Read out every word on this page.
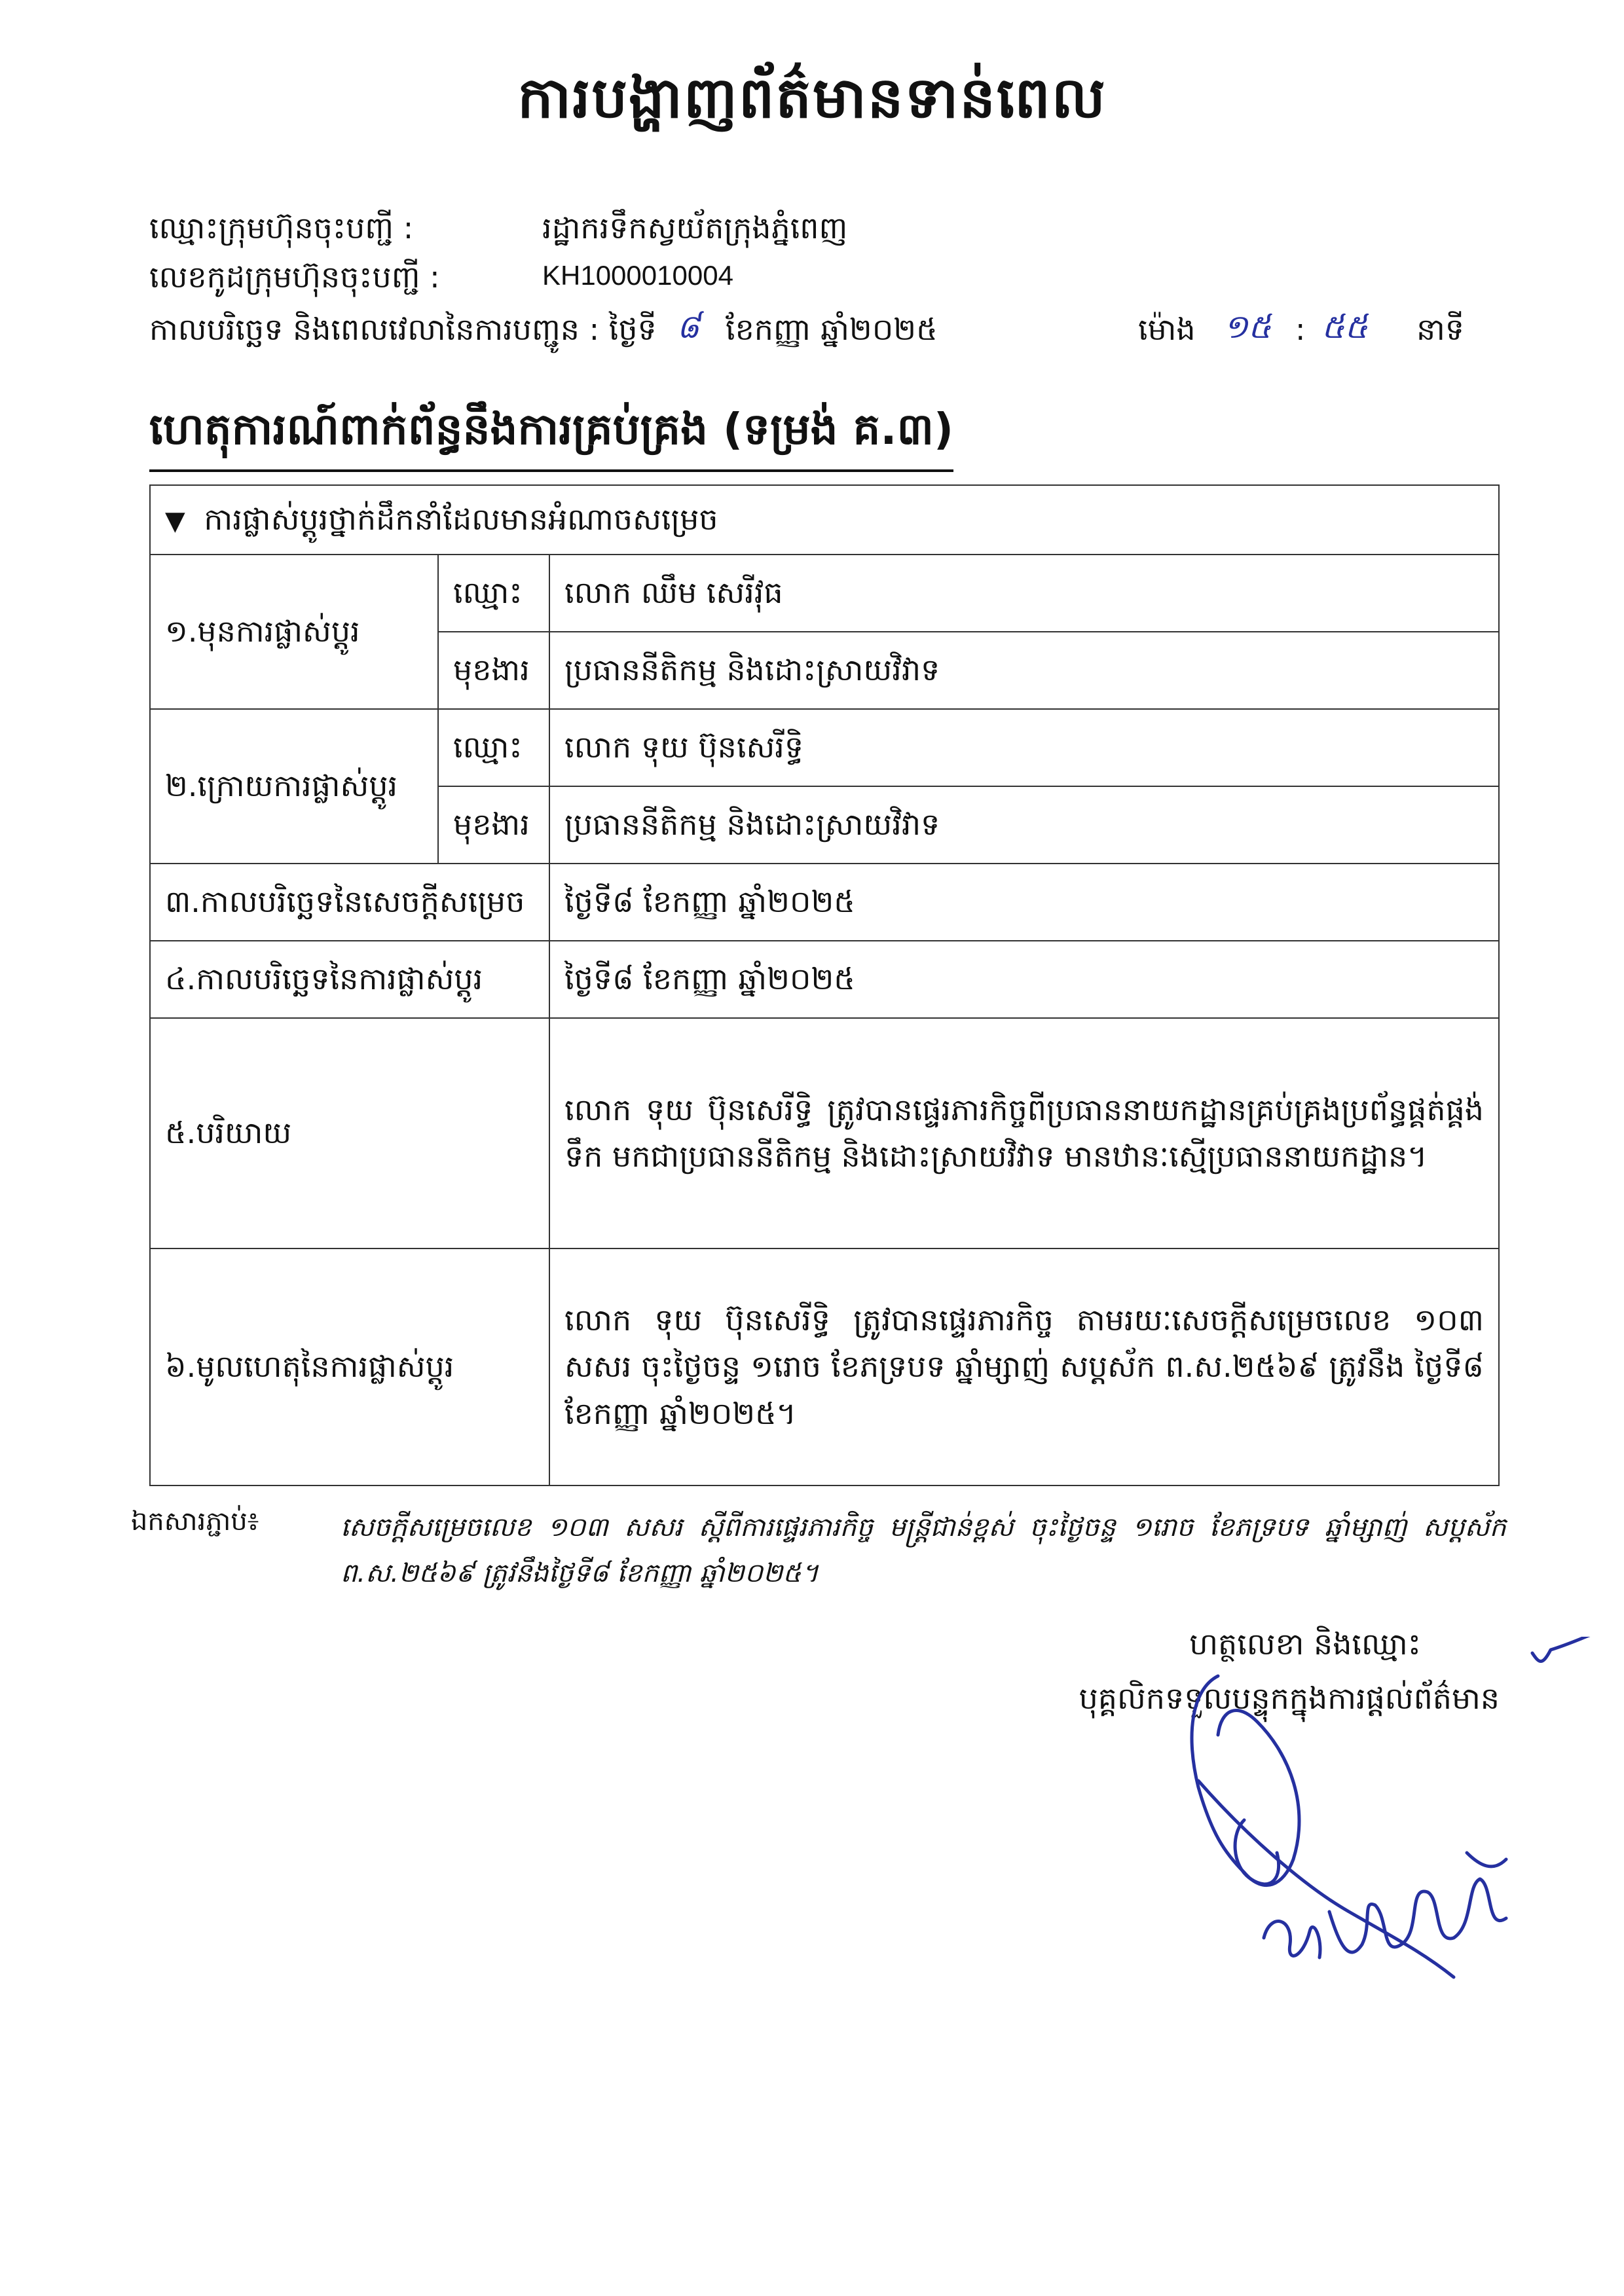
ការបង្ហាញព័ត៌មានទាន់ពេល
ឈ្មោះក្រុមហ៊ុនចុះបញ្ជី :	រដ្ឋាករទឹកស្វយ័តក្រុងភ្នំពេញ
លេខកូដក្រុមហ៊ុនចុះបញ្ជី :	KH1000010004
កាលបរិច្ឆេទ និងពេលវេលានៃការបញ្ជូន : ថ្ងៃទី ៨ ខែកញ្ញា ឆ្នាំ២០២៥	ម៉ោង ១៥ : ៥៥ នាទី
ហេតុការណ៍ពាក់ព័ន្ធនឹងការគ្រប់គ្រង (ទម្រង់ គ.៣)
▼ ការផ្លាស់ប្តូរថ្នាក់ដឹកនាំដែលមានអំណាចសម្រេច		
១.មុនការផ្លាស់ប្តូរ	ឈ្មោះ	លោក ឈឹម សេរីវុធ
	មុខងារ	ប្រធាននីតិកម្ម និងដោះស្រាយវិវាទ
២.ក្រោយការផ្លាស់ប្តូរ	ឈ្មោះ	លោក ទុយ ប៊ុនសេរីទ្ធិ
	មុខងារ	ប្រធាននីតិកម្ម និងដោះស្រាយវិវាទ
៣.កាលបរិច្ឆេទនៃសេចក្តីសម្រេច		ថ្ងៃទី៨ ខែកញ្ញា ឆ្នាំ២០២៥
៤.កាលបរិច្ឆេទនៃការផ្លាស់ប្តូរ		ថ្ងៃទី៨ ខែកញ្ញា ឆ្នាំ២០២៥
៥.បរិយាយ		លោក ទុយ ប៊ុនសេរីទ្ធិ ត្រូវបានផ្ទេរភារកិច្ចពីប្រធាននាយកដ្ឋានគ្រប់គ្រងប្រព័ន្ធផ្គត់ផ្គង់ទឹក មកជាប្រធាននីតិកម្ម និងដោះស្រាយវិវាទ មានឋានៈស្មើប្រធាននាយកដ្ឋាន។
៦.មូលហេតុនៃការផ្លាស់ប្តូរ		លោក ទុយ ប៊ុនសេរីទ្ធិ ត្រូវបានផ្ទេរភារកិច្ច តាមរយៈសេចក្តីសម្រេចលេខ ១០៣ សសរ ចុះថ្ងៃចន្ទ ១រោច ខែភទ្របទ ឆ្នាំម្សាញ់ សប្តស័ក ព.ស.២៥៦៩ ត្រូវនឹង ថ្ងៃទី៨ ខែកញ្ញា ឆ្នាំ២០២៥។
ឯកសារភ្ជាប់៖	សេចក្តីសម្រេចលេខ ១០៣ សសរ ស្តីពីការផ្ទេរភារកិច្ច មន្ត្រីជាន់ខ្ពស់ ចុះថ្ងៃចន្ទ ១រោច ខែភទ្របទ ឆ្នាំម្សាញ់ សប្តស័ក ព.ស.២៥៦៩ ត្រូវនឹងថ្ងៃទី៨ ខែកញ្ញា ឆ្នាំ២០២៥។
ហត្ថលេខា និងឈ្មោះ
បុគ្គលិកទទួលបន្ទុកក្នុងការផ្តល់ព័ត៌មាន
